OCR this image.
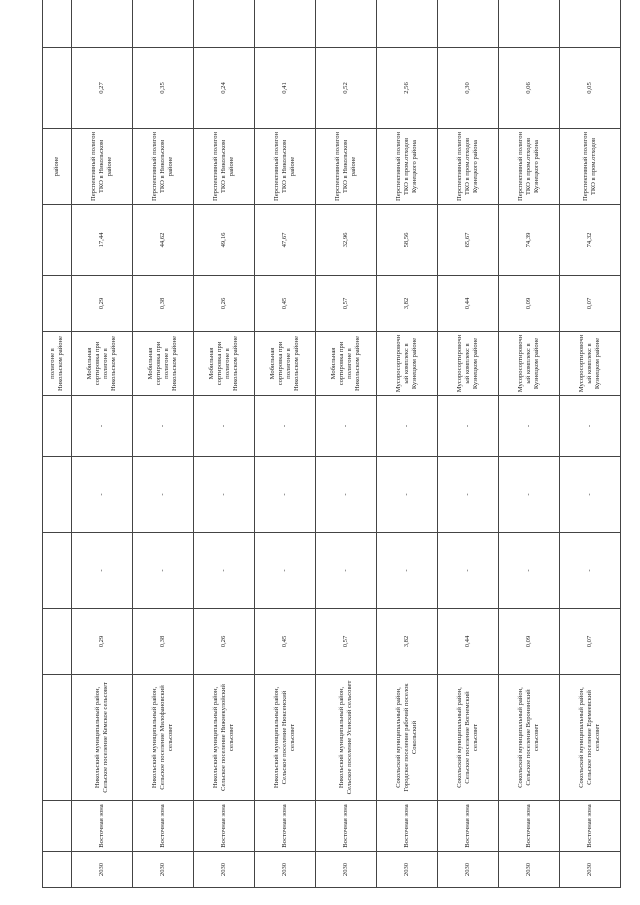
							полигоне в Никольском районе			районе		
2030	Восточная зона	Никольский муниципальный район, Сельское поселение Кемское сельсовет	0,29	-	-	-	Мобильная сортировка при полигоне в Никольском районе	0,29	17,44	Перспективный полигон ТКО в Никольском районе	0,27	
2030	Восточная зона	Никольский муниципальный район, Сельское поселение Милофановский сельсовет	0,38	-	-	-	Мобильная сортировка при полигоне в Никольском районе	0,38	44,62	Перспективный полигон ТКО в Никольском районе	0,35	
2030	Восточная зона	Никольский муниципальный район, Сельское поселение Нижнекулойский сельсовет	0,26	-	-	-	Мобильная сортировка при полигоне в Никольском районе	0,26	49,16	Перспективный полигон ТКО в Никольском районе	0,24	
2030	Восточная зона	Никольский муниципальный район, Сельское поселение Нюксенский сельсовет	0,45	-	-	-	Мобильная сортировка при полигоне в Никольском районе	0,45	47,67	Перспективный полигон ТКО в Никольском районе	0,41	
2030	Восточная зона	Никольский муниципальный район, Сельское поселение Усенский сельсовет	0,57	-	-	-	Мобильная сортировка при полигоне в Никольском районе	0,57	32,96	Перспективный полигон ТКО в Никольском районе	0,52	
2030	Восточная зона	Сокольский муниципальный район, Городское поселение рабочий поселок Сокольский	3,82	-	-	-	Мусоросортировочный комплекс в Кузнецком районе	3,82	58,56	Перспективный полигон ТКО в пром.отходов Кузнецкого района	2,56	
2030	Восточная зона	Сокольский муниципальный район, Сельское поселение Вогнемский сельсовет	0,44	-	-	-	Мусоросортировочный комплекс в Кузнецком районе	0,44	65,67	Перспективный полигон ТКО в пром.отходов Кузнецкого района	0,30	
2030	Восточная зона	Сокольский муниципальный район, Сельское поселение Воронинский сельсовет	0,09	-	-	-	Мусоросортировочный комплекс в Кузнецком районе	0,09	74,39	Перспективный полигон ТКО в пром.отходов Кузнецкого района	0,06	
2030	Восточная зона	Сокольский муниципальный район, Сельское поселение Еремеевский сельсовет	0,07	-	-	-	Мусоросортировочный комплекс в Кузнецком районе	0,07	74,32	Перспективный полигон ТКО в пром.отходов	0,05	
